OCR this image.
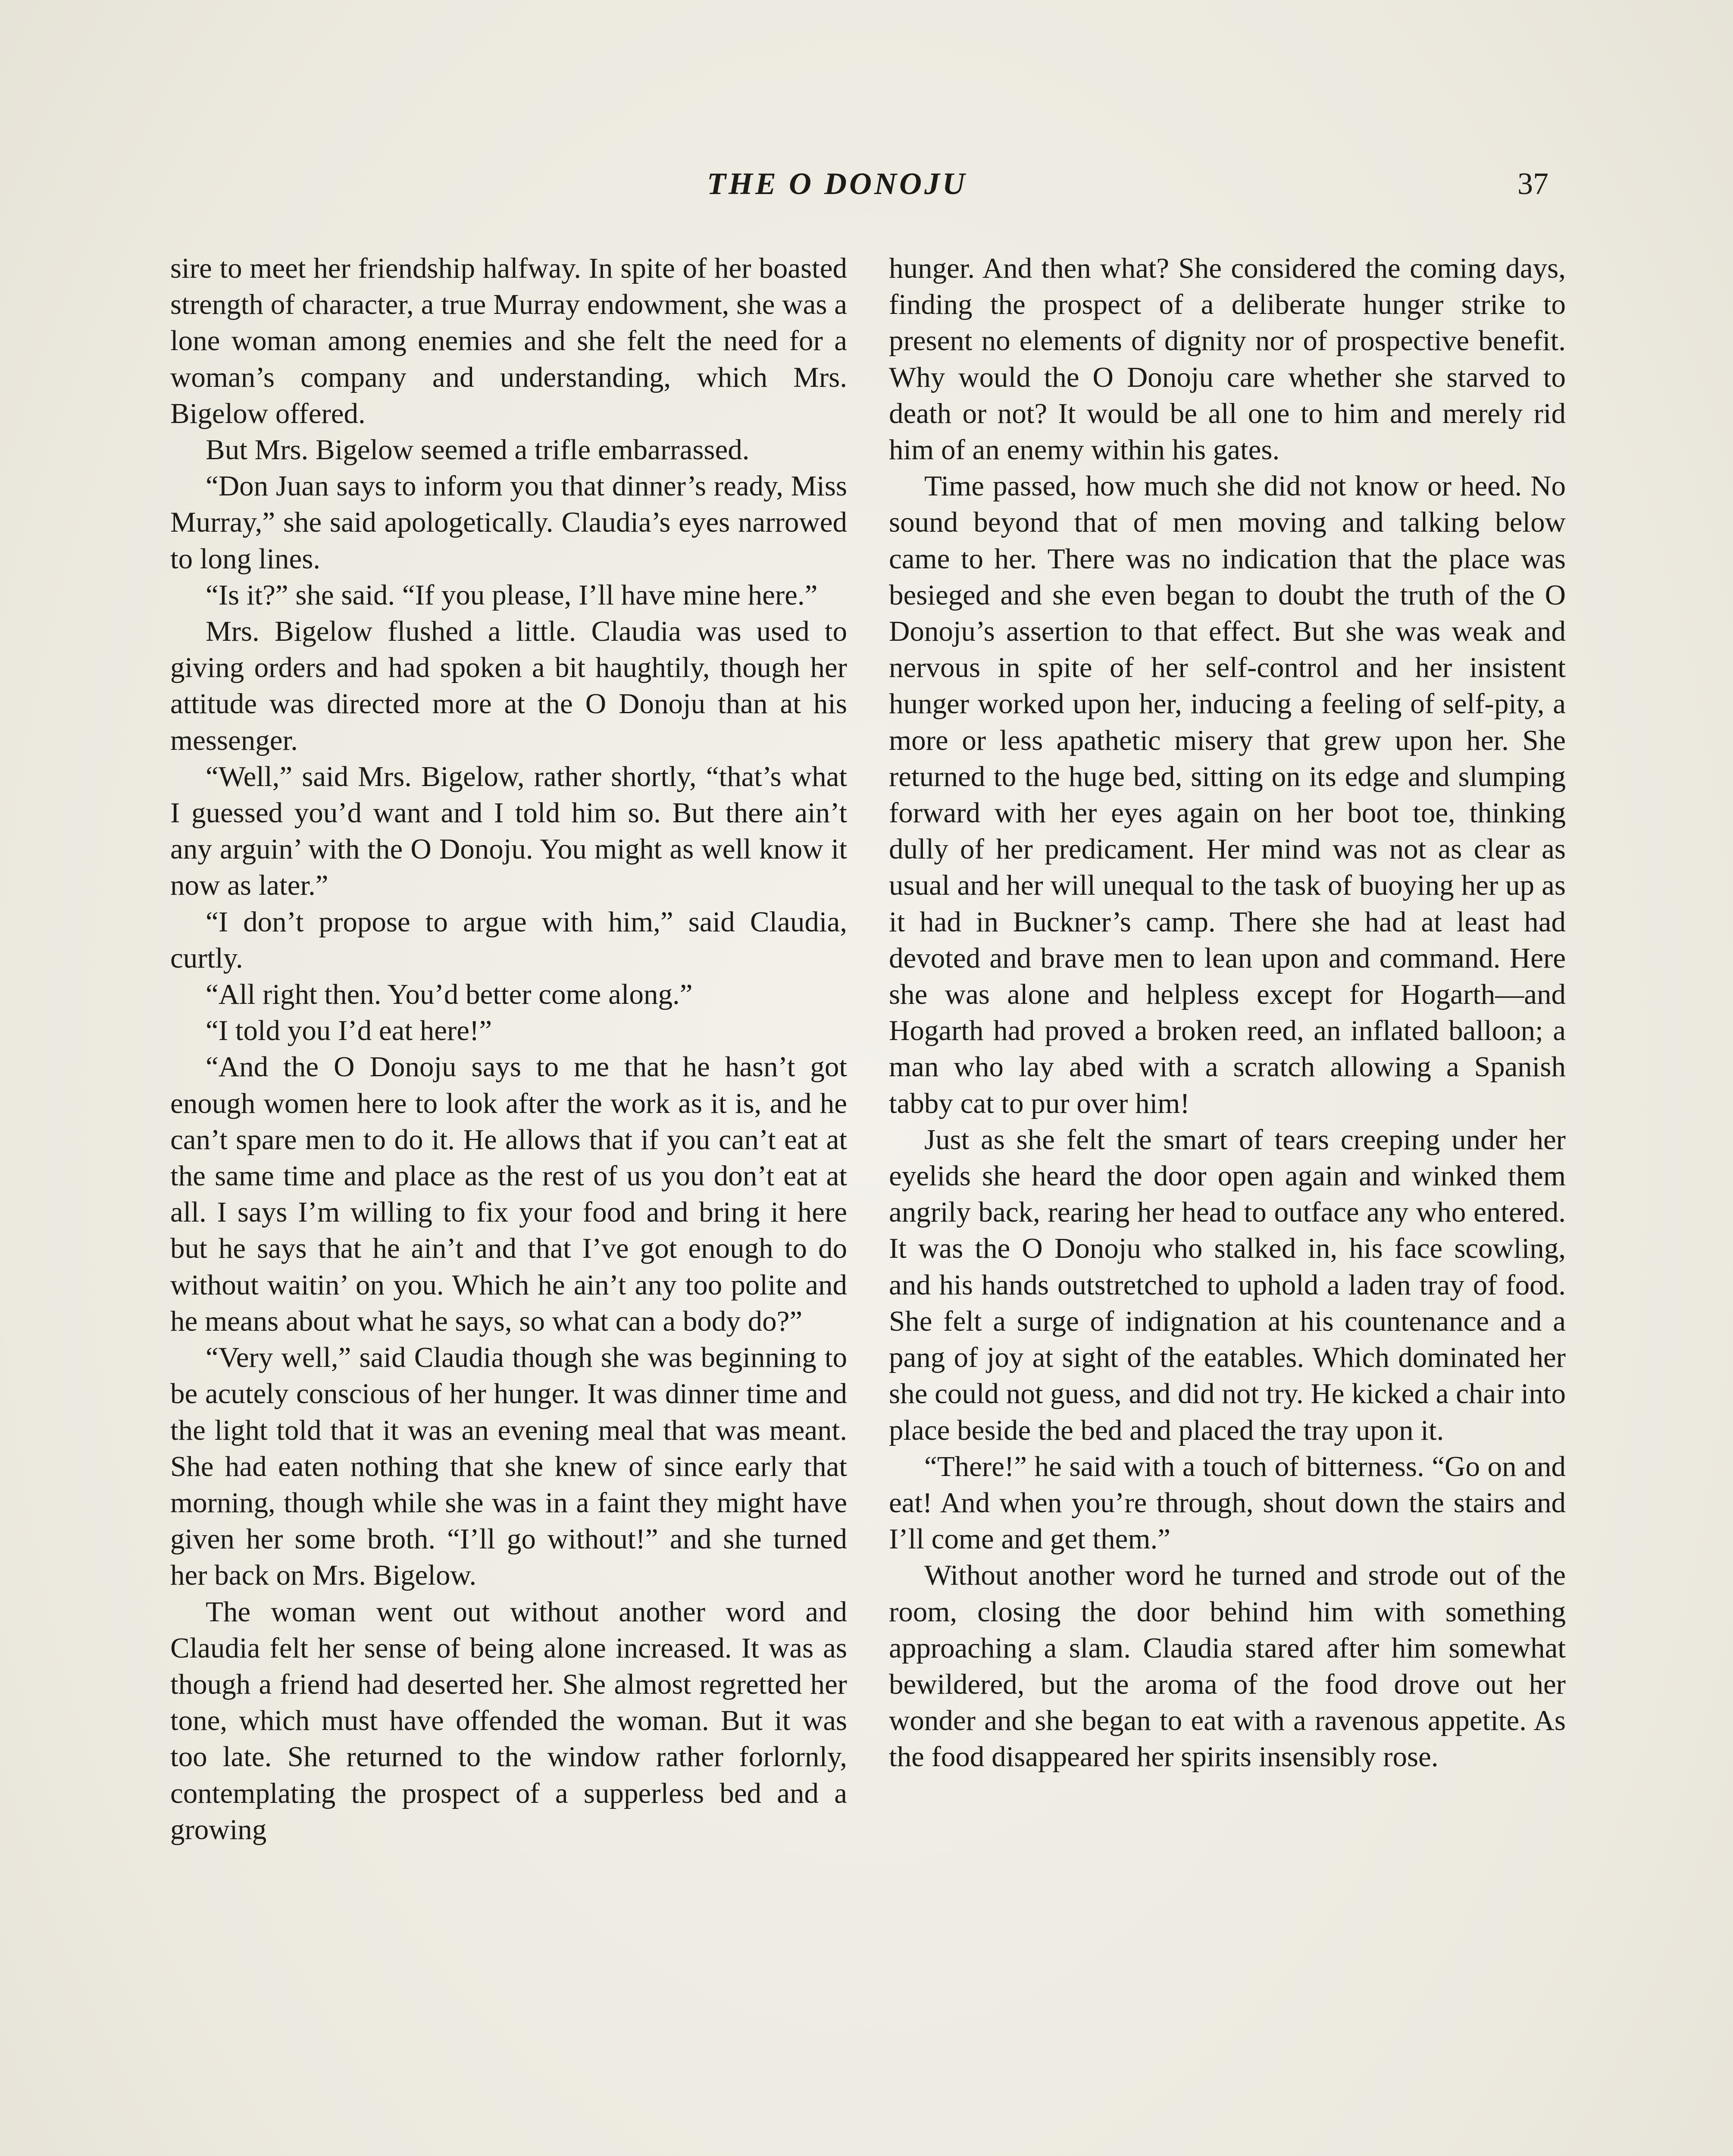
THE O DONOJU	37

sire to meet her friendship halfway. In spite of her boasted strength of character, a true Murray endowment, she was a lone woman among enemies and she felt the need for a woman’s company and understanding, which Mrs. Bigelow offered.

But Mrs. Bigelow seemed a trifle embarrassed.

“Don Juan says to inform you that dinner’s ready, Miss Murray,” she said apologetically. Claudia’s eyes narrowed to long lines.

“Is it?” she said. “If you please, I’ll have mine here.”

Mrs. Bigelow flushed a little. Claudia was used to giving orders and had spoken a bit haughtily, though her attitude was directed more at the O Donoju than at his messenger.

“Well,” said Mrs. Bigelow, rather shortly, “that’s what I guessed you’d want and I told him so. But there ain’t any arguin’ with the O Donoju. You might as well know it now as later.”

“I don’t propose to argue with him,” said Claudia, curtly.

“All right then. You’d better come along.”

“I told you I’d eat here!”

“And the O Donoju says to me that he hasn’t got enough women here to look after the work as it is, and he can’t spare men to do it. He allows that if you can’t eat at the same time and place as the rest of us you don’t eat at all. I says I’m willing to fix your food and bring it here but he says that he ain’t and that I’ve got enough to do without waitin’ on you. Which he ain’t any too polite and he means about what he says, so what can a body do?”

“Very well,” said Claudia though she was beginning to be acutely conscious of her hunger. It was dinner time and the light told that it was an evening meal that was meant. She had eaten nothing that she knew of since early that morning, though while she was in a faint they might have given her some broth. “I’ll go without!” and she turned her back on Mrs. Bigelow.

The woman went out without another word and Claudia felt her sense of being alone increased. It was as though a friend had deserted her. She almost regretted her tone, which must have offended the woman. But it was too late. She returned to the window rather forlornly, contemplating the prospect of a supperless bed and a growing

hunger. And then what? She considered the coming days, finding the prospect of a deliberate hunger strike to present no elements of dignity nor of prospective benefit. Why would the O Donoju care whether she starved to death or not? It would be all one to him and merely rid him of an enemy within his gates.

Time passed, how much she did not know or heed. No sound beyond that of men moving and talking below came to her. There was no indication that the place was besieged and she even began to doubt the truth of the O Donoju’s assertion to that effect. But she was weak and nervous in spite of her self-control and her insistent hunger worked upon her, inducing a feeling of self-pity, a more or less apathetic misery that grew upon her. She returned to the huge bed, sitting on its edge and slumping forward with her eyes again on her boot toe, thinking dully of her predicament. Her mind was not as clear as usual and her will unequal to the task of buoying her up as it had in Buckner’s camp. There she had at least had devoted and brave men to lean upon and command. Here she was alone and helpless except for Hogarth—and Hogarth had proved a broken reed, an inflated balloon; a man who lay abed with a scratch allowing a Spanish tabby cat to pur over him!

Just as she felt the smart of tears creeping under her eyelids she heard the door open again and winked them angrily back, rearing her head to outface any who entered. It was the O Donoju who stalked in, his face scowling, and his hands outstretched to uphold a laden tray of food. She felt a surge of indignation at his countenance and a pang of joy at sight of the eatables. Which dominated her she could not guess, and did not try. He kicked a chair into place beside the bed and placed the tray upon it.

“There!” he said with a touch of bitterness. “Go on and eat! And when you’re through, shout down the stairs and I’ll come and get them.”

Without another word he turned and strode out of the room, closing the door behind him with something approaching a slam. Claudia stared after him somewhat bewildered, but the aroma of the food drove out her wonder and she began to eat with a ravenous appetite. As the food disappeared her spirits insensibly rose.
